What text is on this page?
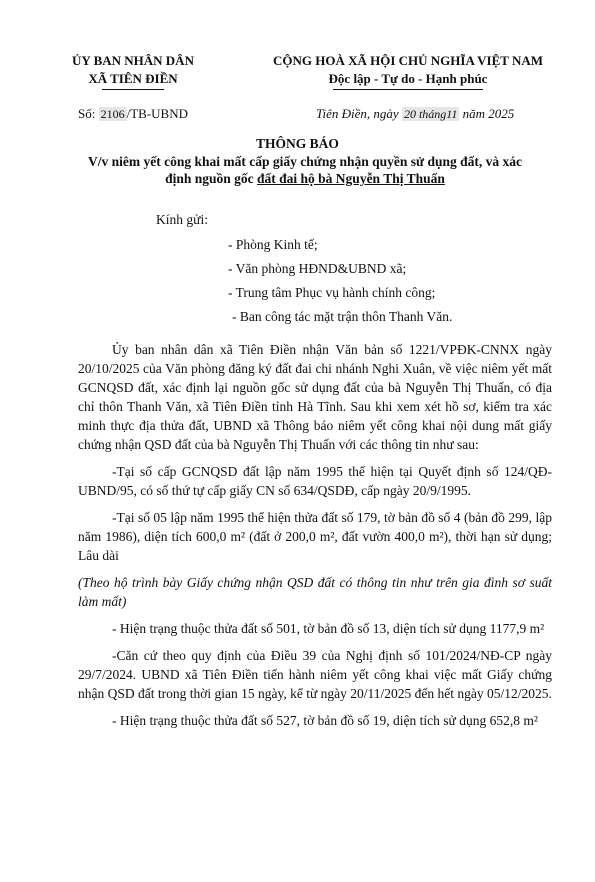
ỦY BAN NHÂN DÂN
XÃ TIÊN ĐIỀN
CỘNG HOÀ XÃ HỘI CHỦ NGHĨA VIỆT NAM
Độc lập - Tự do - Hạnh phúc
Số: 2106 /TB-UBND	Tiên Điền, ngày 20 tháng11 năm 2025
THÔNG BÁO
V/v niêm yết công khai mất cấp giấy chứng nhận quyền sử dụng đất, và xác
định nguồn gốc đất đai hộ bà Nguyễn Thị Thuấn
Kính gửi:
- Phòng Kinh tế;
- Văn phòng HĐND&UBND xã;
- Trung tâm Phục vụ hành chính công;
- Ban công tác mặt trận thôn Thanh Văn.

Ủy ban nhân dân xã Tiên Điền nhận Văn bản số 1221/VPĐK-CNNX ngày 20/10/2025 của Văn phòng đăng ký đất đai chi nhánh Nghi Xuân, về việc niêm yết mất GCNQSD đất, xác định lại nguồn gốc sử dụng đất của bà Nguyễn Thị Thuấn, có địa chỉ thôn Thanh Văn, xã Tiên Điền tỉnh Hà Tĩnh. Sau khi xem xét hồ sơ, kiểm tra xác minh thực địa thửa đất, UBND xã Thông báo niêm yết công khai nội dung mất giấy chứng nhận QSD đất của bà Nguyễn Thị Thuấn với các thông tin như sau:

-Tại số cấp GCNQSD đất lập năm 1995 thể hiện tại Quyết định số 124/QĐ-UBND/95, có số thứ tự cấp giấy CN số 634/QSDĐ, cấp ngày 20/9/1995.

-Tại số 05 lập năm 1995 thể hiện thửa đất số 179, tờ bản đồ số 4 (bản đồ 299, lập năm 1986), diện tích 600,0 m² (đất ở 200,0 m², đất vườn 400,0 m²), thời hạn sử dụng; Lâu dài

(Theo hộ trình bày Giấy chứng nhận QSD đất có thông tin như trên gia đình sơ suất làm mất)

- Hiện trạng thuộc thửa đất số 501, tờ bản đồ số 13, diện tích sử dụng 1177,9 m²

-Căn cứ theo quy định của Điều 39 của Nghị định số 101/2024/NĐ-CP ngày 29/7/2024. UBND xã Tiên Điền tiến hành niêm yết công khai việc mất Giấy chứng nhận QSD đất trong thời gian 15 ngày, kể từ ngày 20/11/2025 đến hết ngày 05/12/2025.

- Hiện trạng thuộc thửa đất số 527, tờ bản đồ số 19, diện tích sử dụng 652,8 m²
